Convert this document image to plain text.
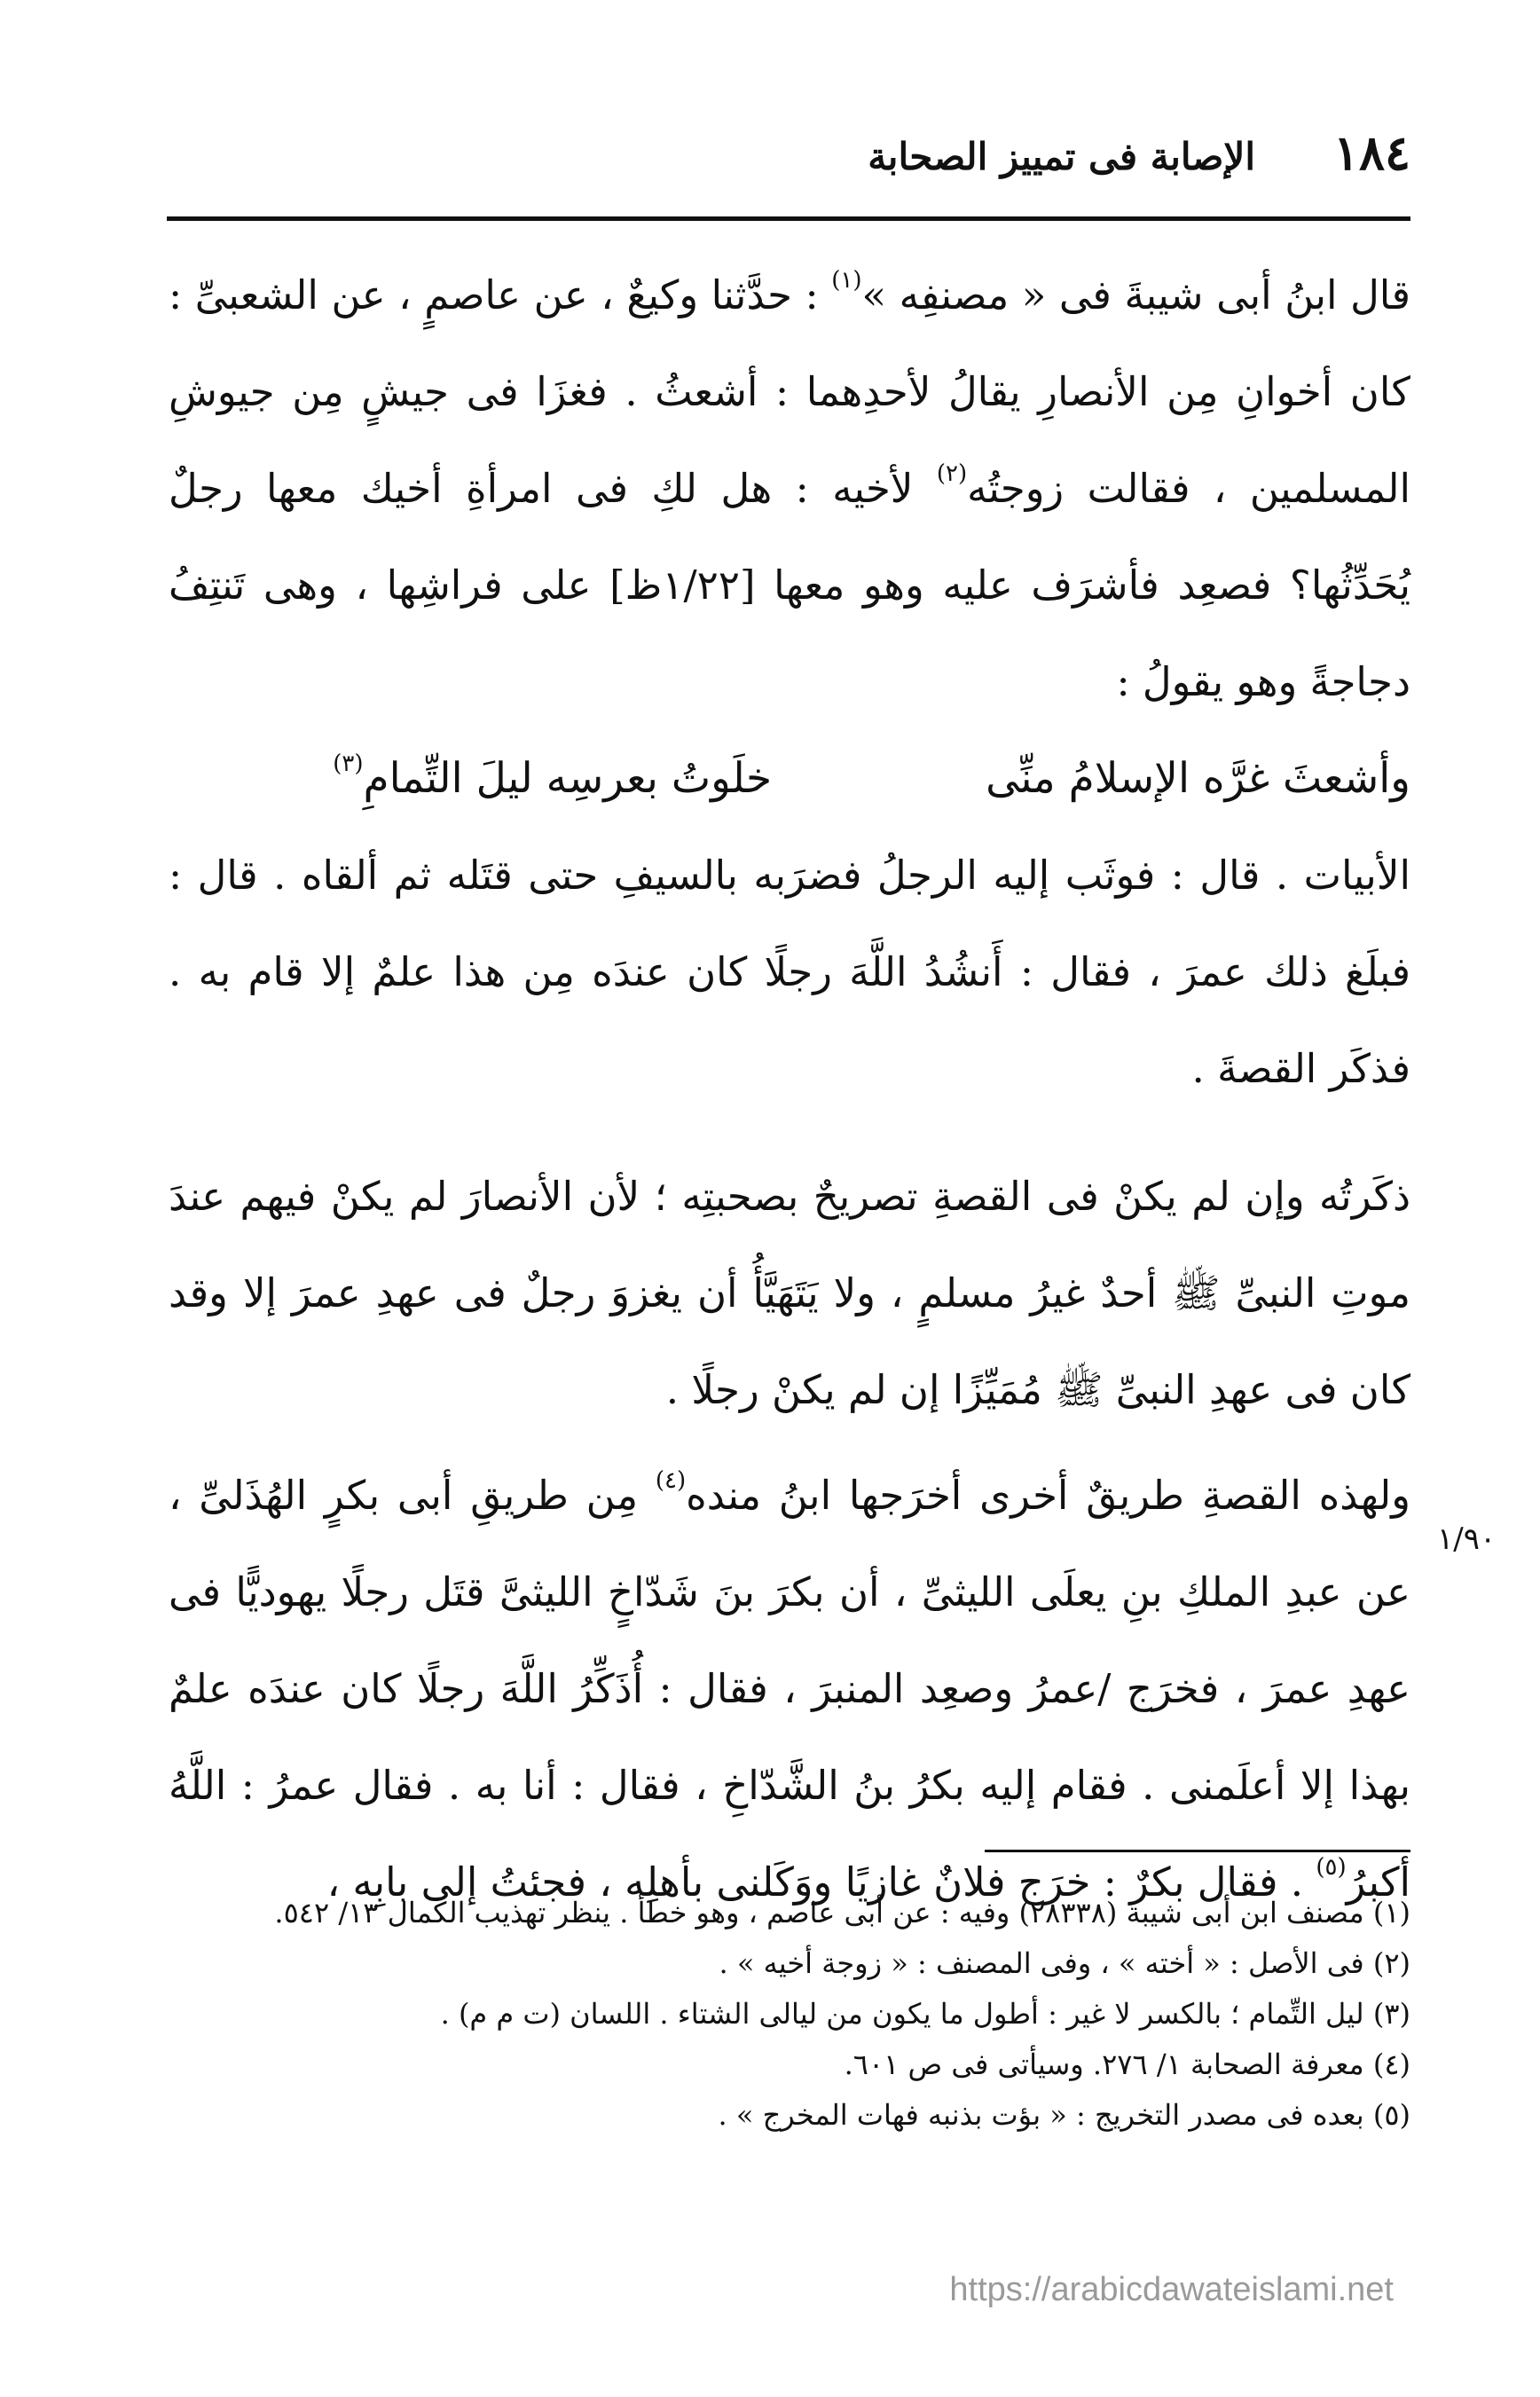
١٨٤
الإصابة فى تمييز الصحابة

قال ابنُ أبى شيبةَ فى « مصنفِه »$^{(١)}$ : حدَّثنا وكيعٌ ، عن عاصمٍ ، عن الشعبىِّ : كان أخوانِ مِن الأنصارِ يقالُ لأحدِهما : أشعثُ . فغزَا فى جيشٍ مِن جيوشِ المسلمين ، فقالت زوجتُه$^{(٢)}$ لأخيه : هل لكِ فى امرأةِ أخيك معها رجلٌ يُحَدِّثُها؟ فصعِد فأشرَف عليه وهو معها [١/٢٢ظ] على فراشِها ، وهى تَنتِفُ دجاجةً وهو يقولُ :

وأشعثَ غرَّه الإسلامُ منِّى
خلَوتُ بعرسِه ليلَ التِّمامِ$^{(٣)}$

الأبيات . قال : فوثَب إليه الرجلُ فضرَبه بالسيفِ حتى قتَله ثم ألقاه . قال : فبلَغ ذلك عمرَ ، فقال : أَنشُدُ اللَّهَ رجلًا كان عندَه مِن هذا علمٌ إلا قام به . فذكَر القصةَ .

ذكَرتُه وإن لم يكنْ فى القصةِ تصريحٌ بصحبتِه ؛ لأن الأنصارَ لم يكنْ فيهم عندَ موتِ النبىِّ ﷺ أحدٌ غيرُ مسلمٍ ، ولا يَتَهَيَّأُ أن يغزوَ رجلٌ فى عهدِ عمرَ إلا وقد كان فى عهدِ النبىِّ ﷺ مُمَيِّزًا إن لم يكنْ رجلًا .

ولهذه القصةِ طريقٌ أخرى أخرَجها ابنُ منده$^{(٤)}$ مِن طريقِ أبى بكرٍ الهُذَلىِّ ، عن عبدِ الملكِ بنِ يعلَى الليثىِّ ، أن بكرَ بنَ شَدّاخٍ الليثىَّ قتَل رجلًا يهوديًّا فى عهدِ عمرَ ، فخرَج /عمرُ وصعِد المنبرَ ، فقال : أُذَكِّرُ اللَّهَ رجلًا كان عندَه علمٌ بهذا إلا أعلَمنى . فقام إليه بكرُ بنُ الشَّدّاخِ ، فقال : أنا به . فقال عمرُ : اللَّهُ أكبرُ$^{(٥)}$ . فقال بكرٌ : خرَج فلانٌ غازيًا ووَكَلنى بأهلِه ، فجئتُ إلى بابِه ،

١/٩٠

(١) مصنف ابن أبى شيبة (٢٨٣٣٨) وفيه : عن أبى عاصم ، وهو خطأ . ينظر تهذيب الكمال ١٣/ ٥٤٢.

(٢) فى الأصل : « أخته » ، وفى المصنف : « زوجة أخيه » .

(٣) ليل التِّمام ؛ بالكسر لا غير : أطول ما يكون من ليالى الشتاء . اللسان (ت م م) .

(٤) معرفة الصحابة ١/ ٢٧٦. وسيأتى فى ص ٦٠١.

(٥) بعده فى مصدر التخريج : « بؤت بذنبه فهات المخرج » .

https://arabicdawateislami.net
